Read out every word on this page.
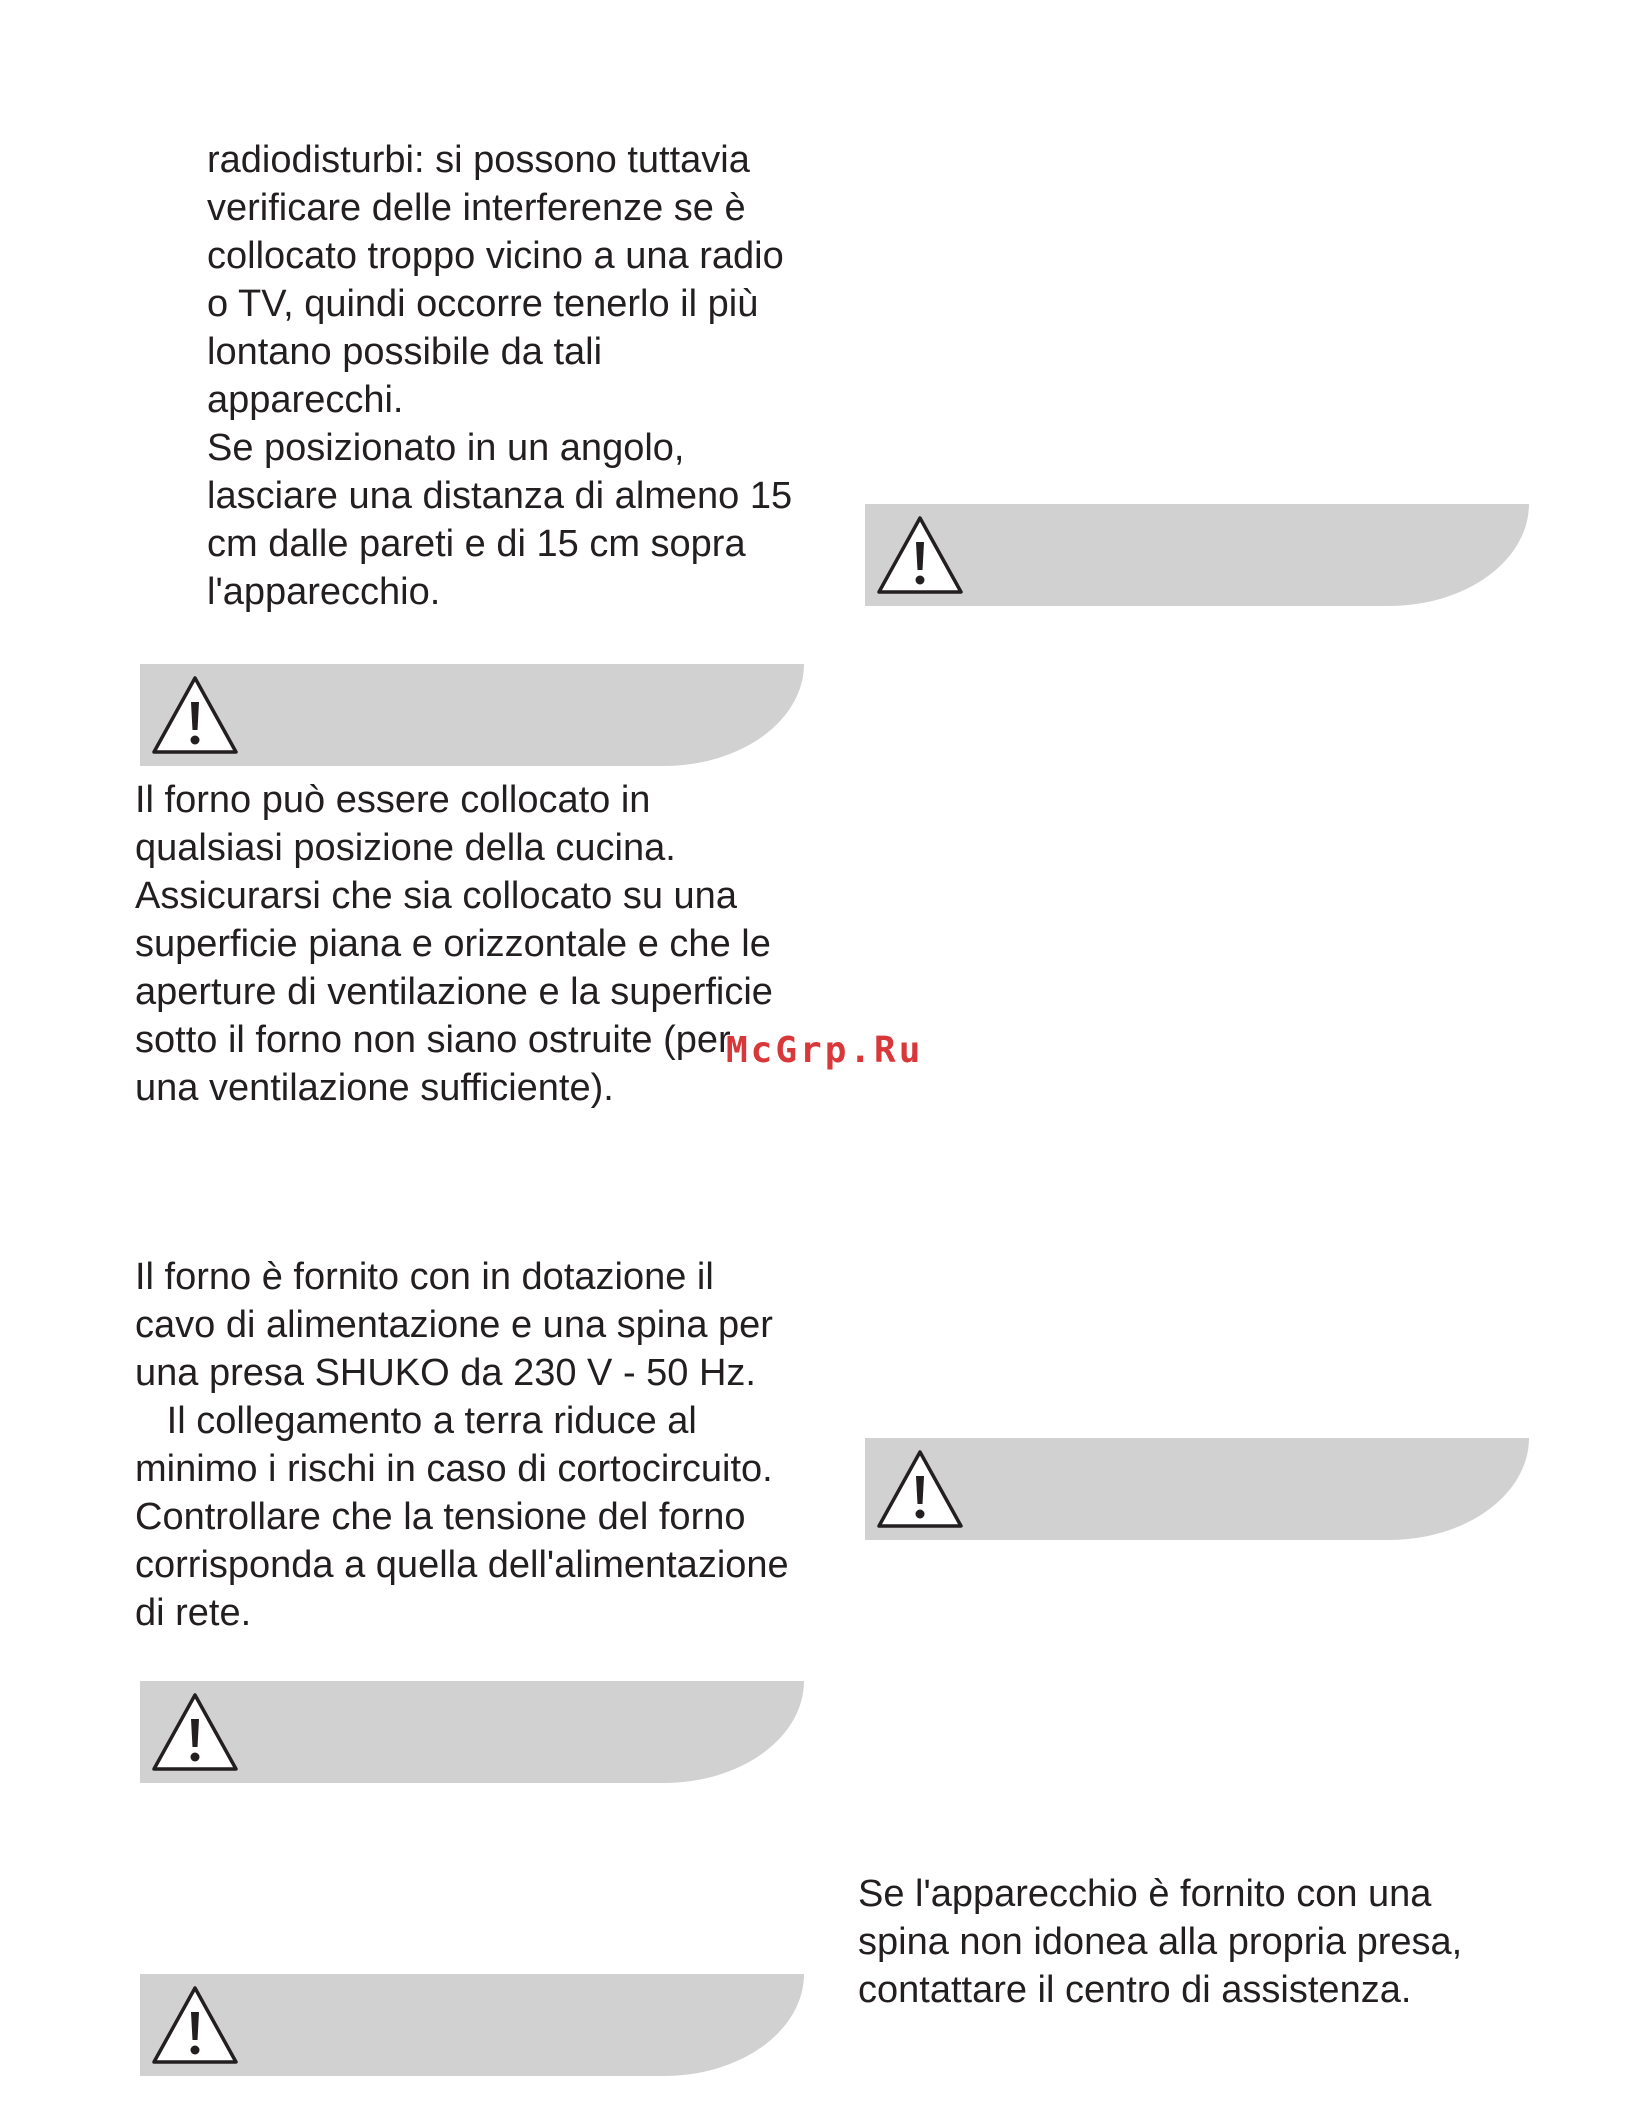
radiodisturbi: si possono tuttavia
verificare delle interferenze se è
collocato troppo vicino a una radio
o TV, quindi occorre tenerlo il più
lontano possibile da tali
apparecchi.
Se posizionato in un angolo,
lasciare una distanza di almeno 15
cm dalle pareti e di 15 cm sopra
l'apparecchio.
Il forno può essere collocato in
qualsiasi posizione della cucina.
Assicurarsi che sia collocato su una
superficie piana e orizzontale e che le
aperture di ventilazione e la superficie
sotto il forno non siano ostruite (per
una ventilazione sufficiente).
Il forno è fornito con in dotazione il
cavo di alimentazione e una spina per
una presa SHUKO da 230 V - 50 Hz.
Il collegamento a terra riduce al
minimo i rischi in caso di cortocircuito.
Controllare che la tensione del forno
corrisponda a quella dell'alimentazione
di rete.
Se l'apparecchio è fornito con una
spina non idonea alla propria presa,
contattare il centro di assistenza.
McGrp.Ru
